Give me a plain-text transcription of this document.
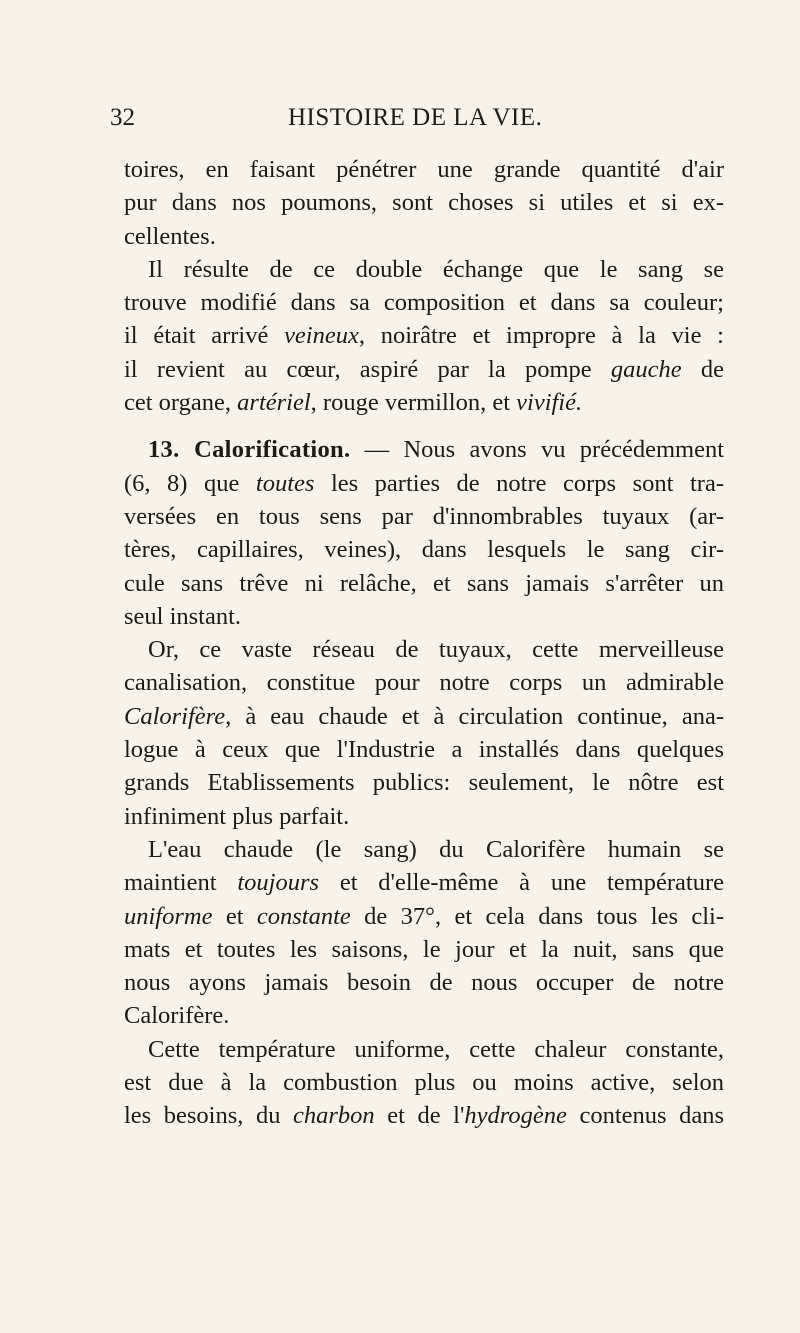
32	HISTOIRE DE LA VIE.
toires, en faisant pénétrer une grande quantité d'air
pur dans nos poumons, sont choses si utiles et si ex-
cellentes.
Il résulte de ce double échange que le sang se
trouve modifié dans sa composition et dans sa couleur;
il était arrivé veineux, noirâtre et impropre à la vie :
il revient au cœur, aspiré par la pompe gauche de
cet organe, artériel, rouge vermillon, et vivifié.
13. Calorification. — Nous avons vu précédemment
(6, 8) que toutes les parties de notre corps sont tra-
versées en tous sens par d'innombrables tuyaux (ar-
tères, capillaires, veines), dans lesquels le sang cir-
cule sans trêve ni relâche, et sans jamais s'arrêter un
seul instant.
Or, ce vaste réseau de tuyaux, cette merveilleuse
canalisation, constitue pour notre corps un admirable
Calorifère, à eau chaude et à circulation continue, ana-
logue à ceux que l'Industrie a installés dans quelques
grands Etablissements publics: seulement, le nôtre est
infiniment plus parfait.
L'eau chaude (le sang) du Calorifère humain se
maintient toujours et d'elle-même à une température
uniforme et constante de 37°, et cela dans tous les cli-
mats et toutes les saisons, le jour et la nuit, sans que
nous ayons jamais besoin de nous occuper de notre
Calorifère.
Cette température uniforme, cette chaleur constante,
est due à la combustion plus ou moins active, selon
les besoins, du charbon et de l'hydrogène contenus dans
